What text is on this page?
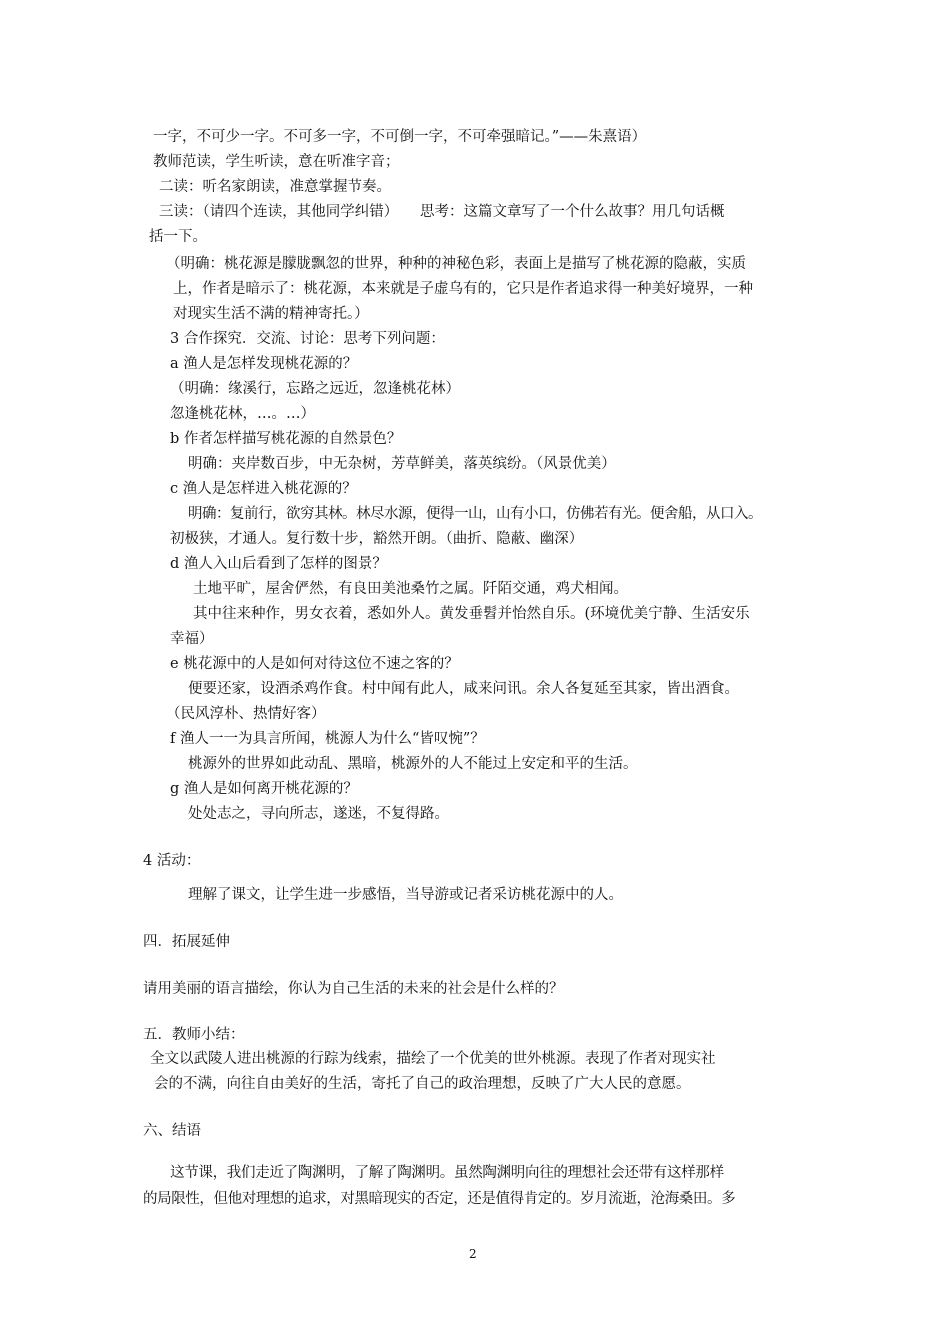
一字，不可少一字。不可多一字，不可倒一字，不可牵强暗记。”——朱熹语）
教师范读，学生听读，意在听准字音；
二读：听名家朗读，准意掌握节奏。
三读：（请四个连读，其他同学纠错）　　思考：这篇文章写了一个什么故事？用几句话概
括一下。
（明确：桃花源是朦胧飘忽的世界，种种的神秘色彩，表面上是描写了桃花源的隐蔽，实质
上，作者是暗示了：桃花源，本来就是子虚乌有的，它只是作者追求得一种美好境界，一种
对现实生活不满的精神寄托。）
3 合作探究．交流、讨论：思考下列问题：
a 渔人是怎样发现桃花源的？
（明确：缘溪行，忘路之远近，忽逢桃花林）
忽逢桃花林，…。…）
b 作者怎样描写桃花源的自然景色？
明确：夹岸数百步，中无杂树，芳草鲜美，落英缤纷。（风景优美）
c 渔人是怎样进入桃花源的？
明确：复前行，欲穷其林。林尽水源，便得一山，山有小口，仿佛若有光。便舍船，从口入。
初极狭，才通人。复行数十步，豁然开朗。（曲折、隐蔽、幽深）
d 渔人入山后看到了怎样的图景？
土地平旷，屋舍俨然，有良田美池桑竹之属。阡陌交通，鸡犬相闻。
其中往来种作，男女衣着，悉如外人。黄发垂髫并怡然自乐。(环境优美宁静、生活安乐
幸福）
e 桃花源中的人是如何对待这位不速之客的？
便要还家，设酒杀鸡作食。村中闻有此人，咸来问讯。余人各复延至其家，皆出酒食。
（民风淳朴、热情好客）
f 渔人一一为具言所闻，桃源人为什么“皆叹惋”？
桃源外的世界如此动乱、黑暗，桃源外的人不能过上安定和平的生活。
g 渔人是如何离开桃花源的？
处处志之，寻向所志，遂迷，不复得路。
4 活动：
理解了课文，让学生进一步感悟，当导游或记者采访桃花源中的人。
四．拓展延伸
请用美丽的语言描绘，你认为自己生活的未来的社会是什么样的？
五．教师小结：
全文以武陵人进出桃源的行踪为线索，描绘了一个优美的世外桃源。表现了作者对现实社
会的不满，向往自由美好的生活，寄托了自己的政治理想，反映了广大人民的意愿。
六、结语
这节课，我们走近了陶渊明，了解了陶渊明。虽然陶渊明向往的理想社会还带有这样那样
的局限性，但他对理想的追求，对黑暗现实的否定，还是值得肯定的。岁月流逝，沧海桑田。多
2
